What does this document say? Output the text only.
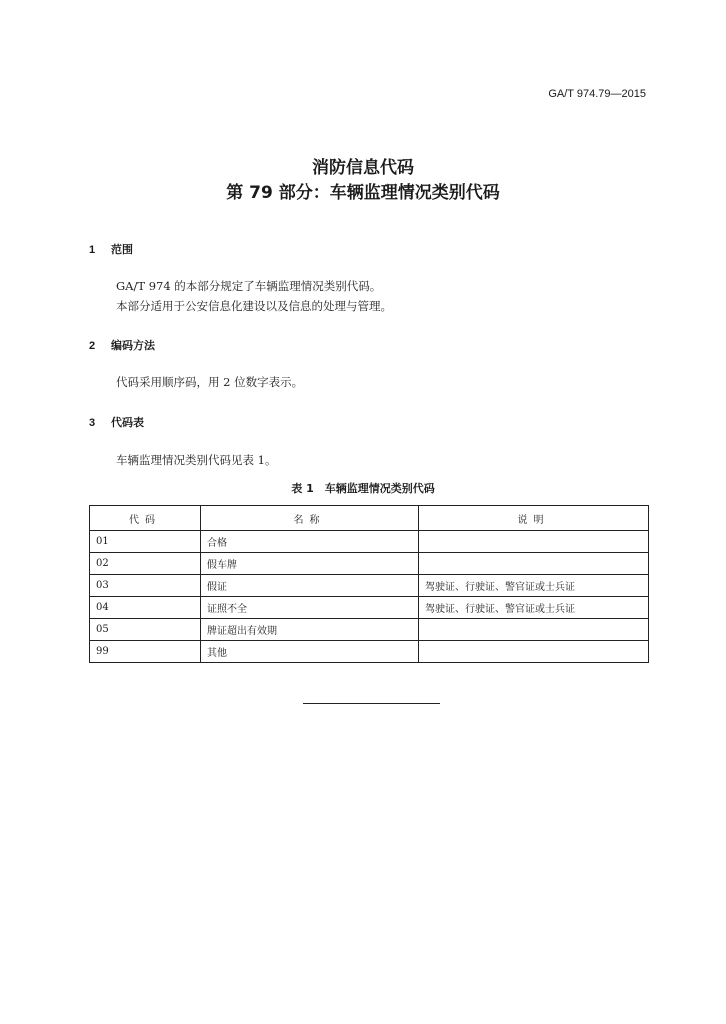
GA/T 974.79—2015
消防信息代码
第 79 部分：车辆监理情况类别代码
1 范围
GA/T 974 的本部分规定了车辆监理情况类别代码。
本部分适用于公安信息化建设以及信息的处理与管理。
2 编码方法
代码采用顺序码，用 2 位数字表示。
3 代码表
车辆监理情况类别代码见表 1。
表 1　车辆监理情况类别代码
代码	名称	说明
01	合格	
02	假车牌	
03	假证	驾驶证、行驶证、警官证或士兵证
04	证照不全	驾驶证、行驶证、警官证或士兵证
05	牌证超出有效期	
99	其他	
